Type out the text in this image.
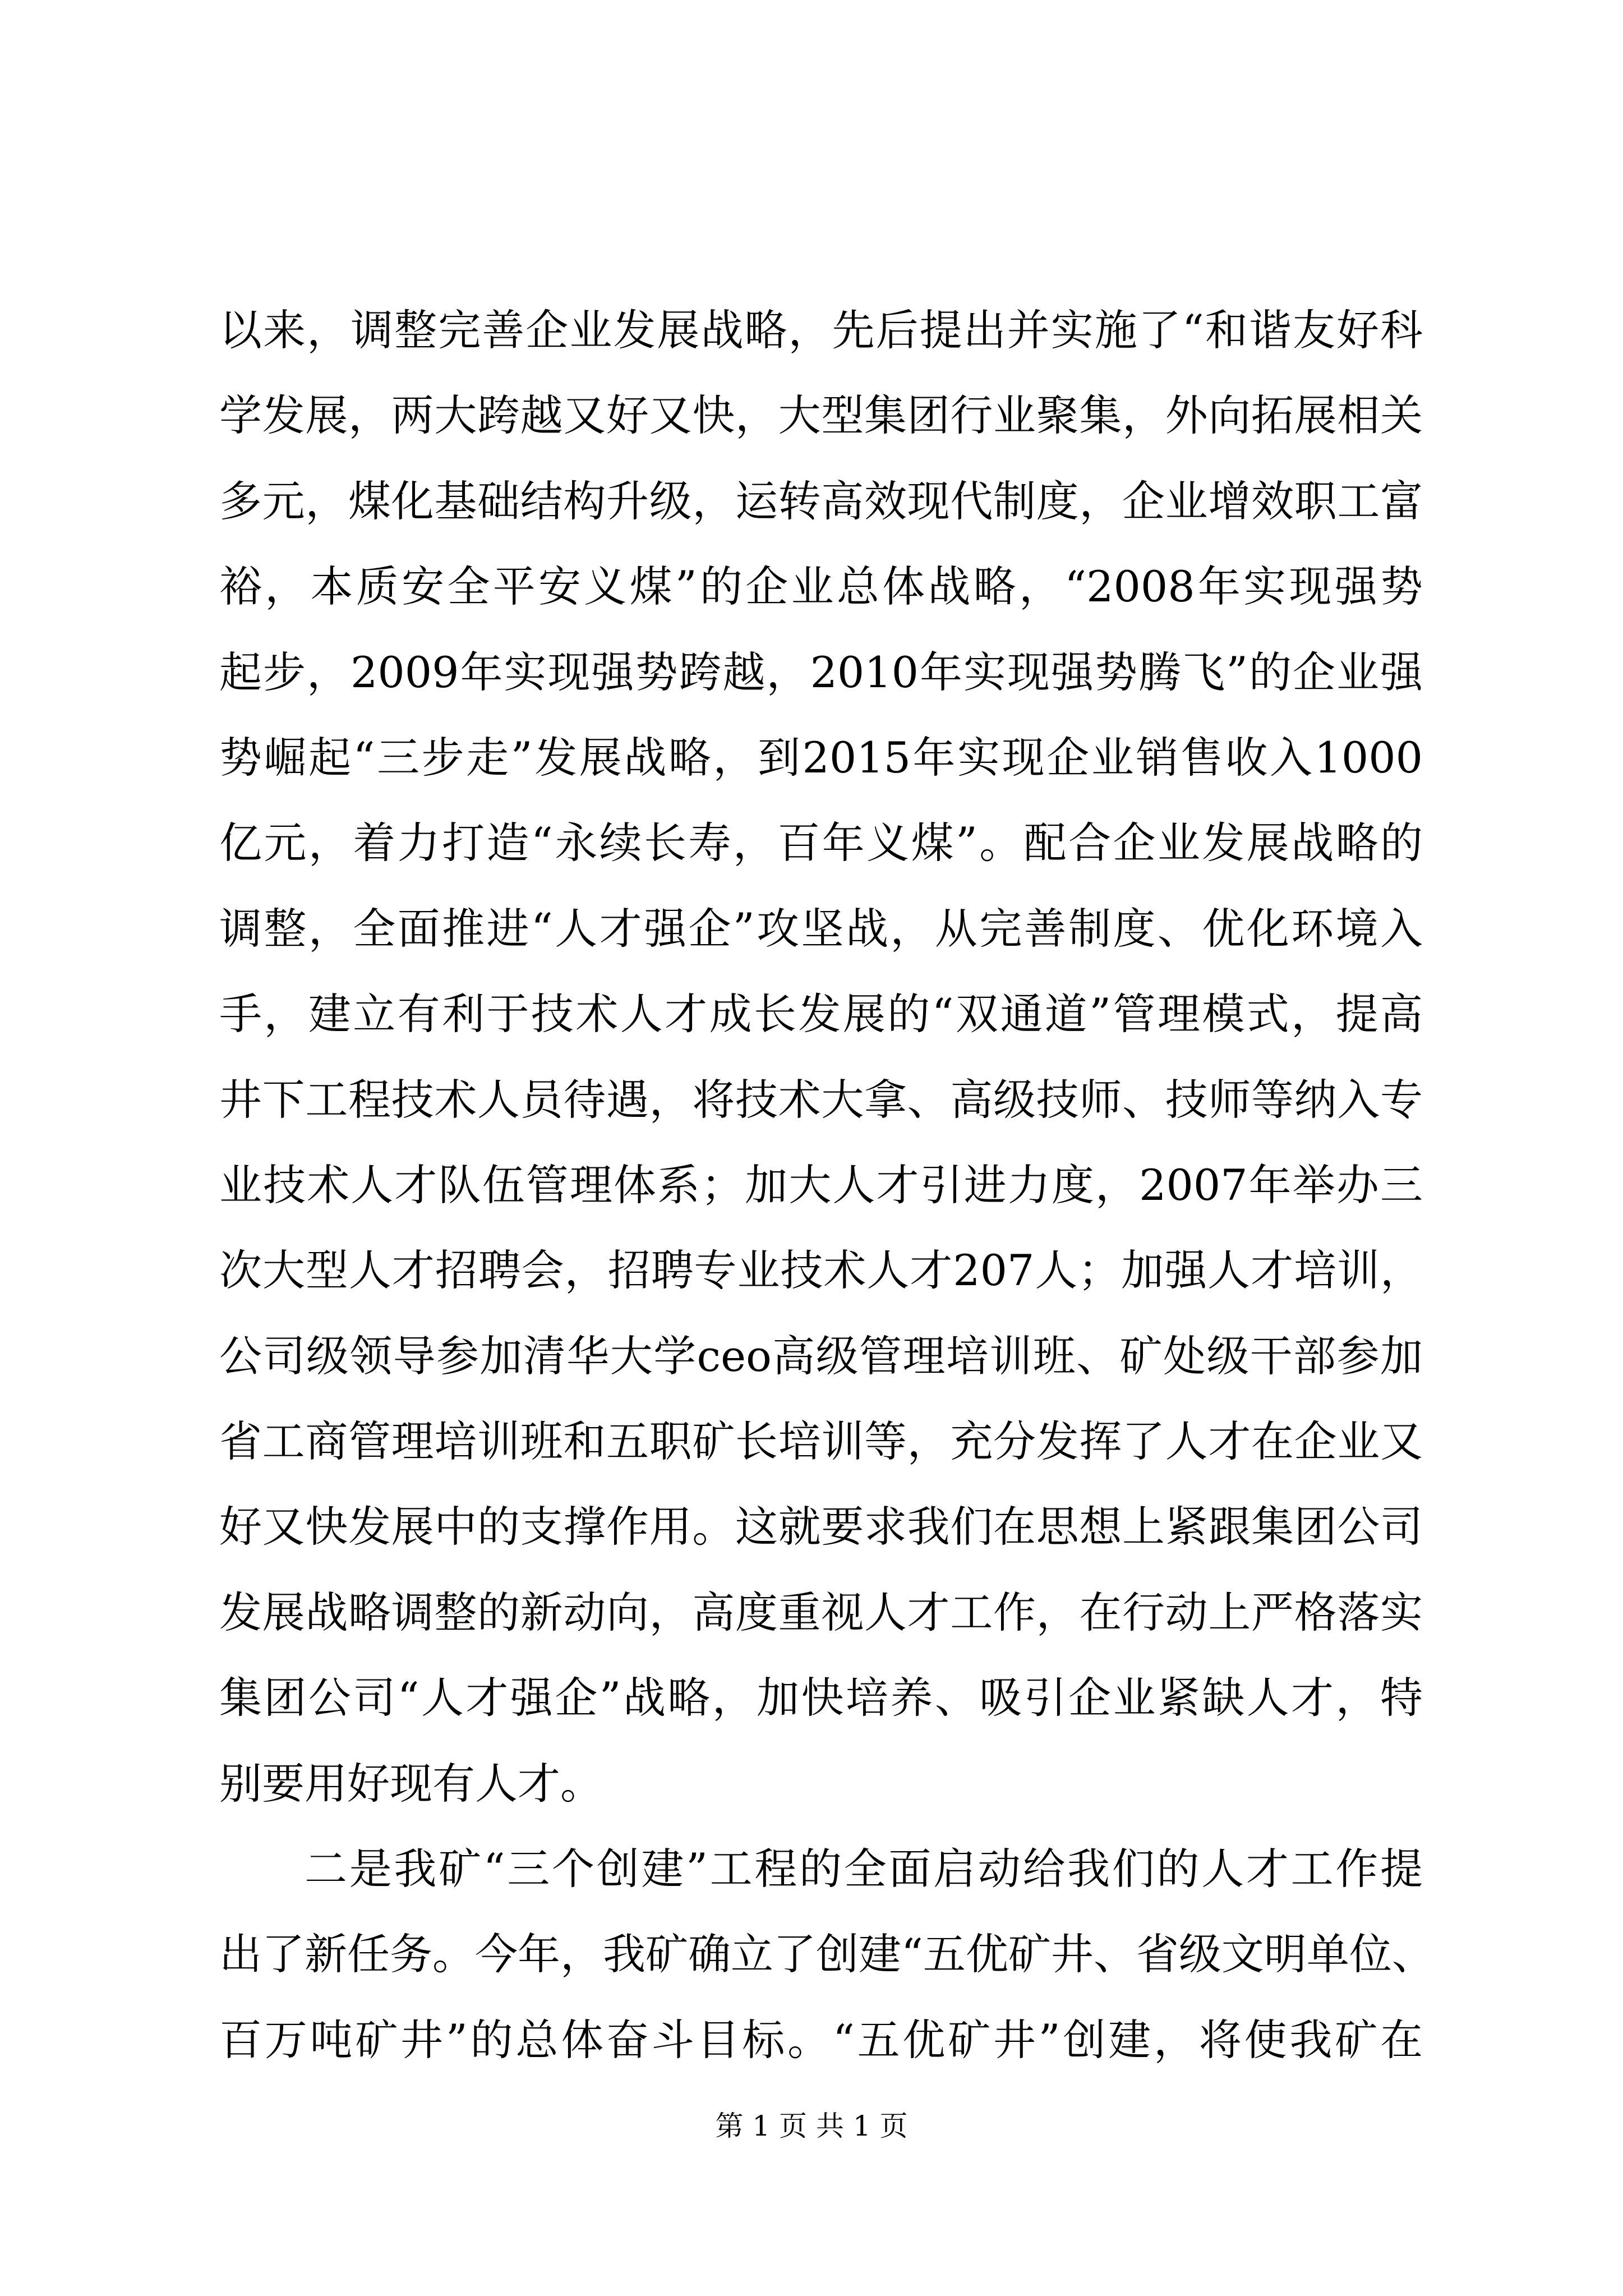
以来，调整完善企业发展战略，先后提出并实施了“和谐友好科
学发展，两大跨越又好又快，大型集团行业聚集，外向拓展相关
多元，煤化基础结构升级，运转高效现代制度，企业增效职工富
裕，本质安全平安义煤”的企业总体战略，“2008年实现强势
起步，2009年实现强势跨越，2010年实现强势腾飞”的企业强
势崛起“三步走”发展战略，到2015年实现企业销售收入1000
亿元，着力打造“永续长寿，百年义煤”。配合企业发展战略的
调整，全面推进“人才强企”攻坚战，从完善制度、优化环境入
手，建立有利于技术人才成长发展的“双通道”管理模式，提高
井下工程技术人员待遇，将技术大拿、高级技师、技师等纳入专
业技术人才队伍管理体系；加大人才引进力度，2007年举办三
次大型人才招聘会，招聘专业技术人才207人；加强人才培训，
公司级领导参加清华大学ceo高级管理培训班、矿处级干部参加
省工商管理培训班和五职矿长培训等，充分发挥了人才在企业又
好又快发展中的支撑作用。这就要求我们在思想上紧跟集团公司
发展战略调整的新动向，高度重视人才工作，在行动上严格落实
集团公司“人才强企”战略，加快培养、吸引企业紧缺人才，特
别要用好现有人才。
二是我矿“三个创建”工程的全面启动给我们的人才工作提
出了新任务。今年，我矿确立了创建“五优矿井、省级文明单位、
百万吨矿井”的总体奋斗目标。“五优矿井”创建，将使我矿在
第 1 页 共 1 页
